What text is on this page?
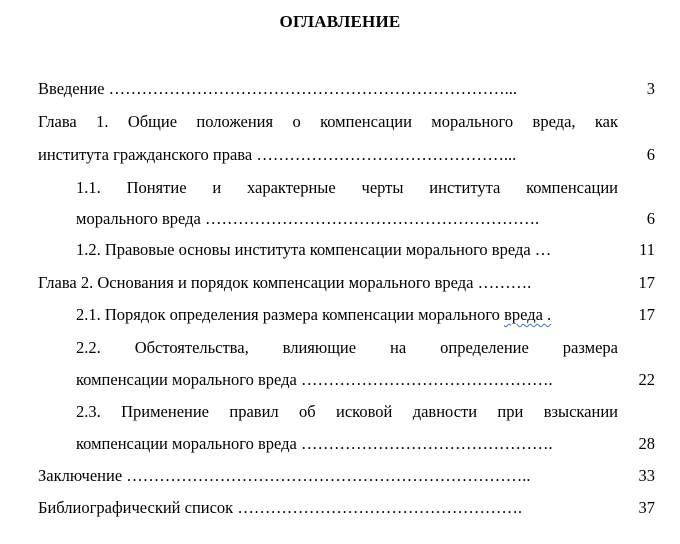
ОГЛАВЛЕНИЕ
Введение ………………………………………………………………...	3
Глава 1. Общие положения о компенсации морального вреда, как
института гражданского права ………………………………………...	6
1.1. Понятие и характерные черты института компенсации
морального вреда …………………………………………………….	6
1.2. Правовые основы института компенсации морального вреда …	11
Глава 2. Основания и порядок компенсации морального вреда ……….	17
2.1. Порядок определения размера компенсации морального вреда .	17
2.2. Обстоятельства, влияющие на определение размера
компенсации морального вреда ……………………………………….	22
2.3. Применение правил об исковой давности при взыскании
компенсации морального вреда ……………………………………….	28
Заключение ………………………………………………………………..	33
Библиографический список …………………………………………….	37
